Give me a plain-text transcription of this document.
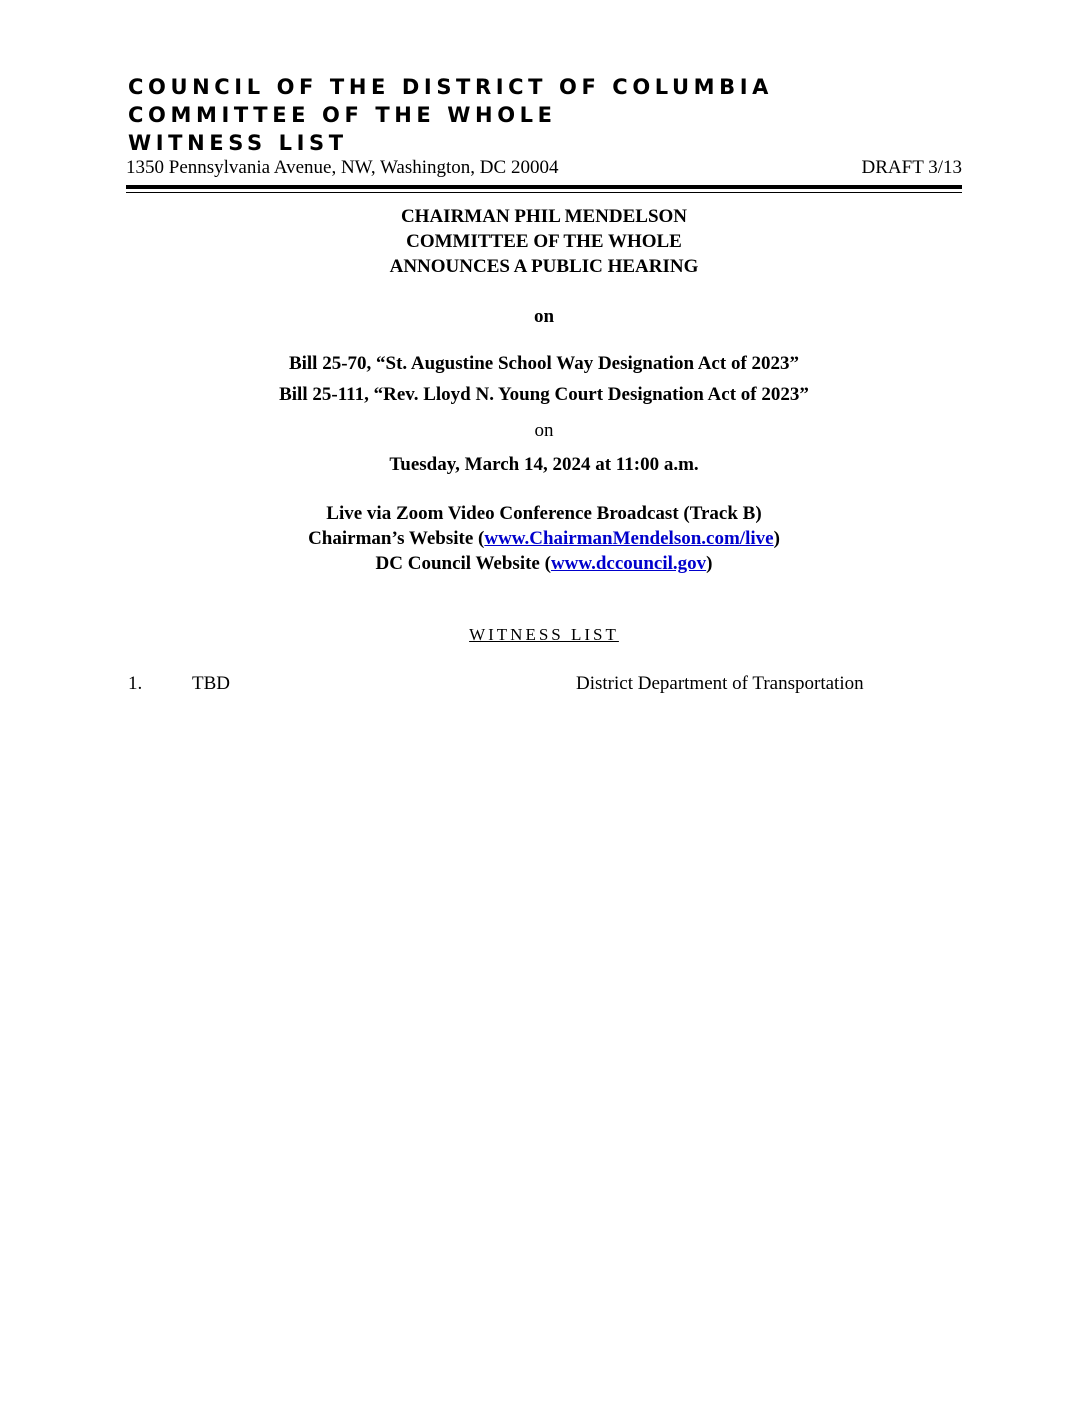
COUNCIL OF THE DISTRICT OF COLUMBIA
COMMITTEE OF THE WHOLE
WITNESS LIST
1350 Pennsylvania Avenue, NW, Washington, DC 20004	DRAFT 3/13
CHAIRMAN PHIL MENDELSON
COMMITTEE OF THE WHOLE
ANNOUNCES A PUBLIC HEARING
on
Bill 25-70, “St. Augustine School Way Designation Act of 2023”
Bill 25-111, “Rev. Lloyd N. Young Court Designation Act of 2023”
on
Tuesday, March 14, 2024 at 11:00 a.m.
Live via Zoom Video Conference Broadcast (Track B)
Chairman’s Website (www.ChairmanMendelson.com/live)
DC Council Website (www.dccouncil.gov)
WITNESS LIST
1.	TBD	District Department of Transportation
